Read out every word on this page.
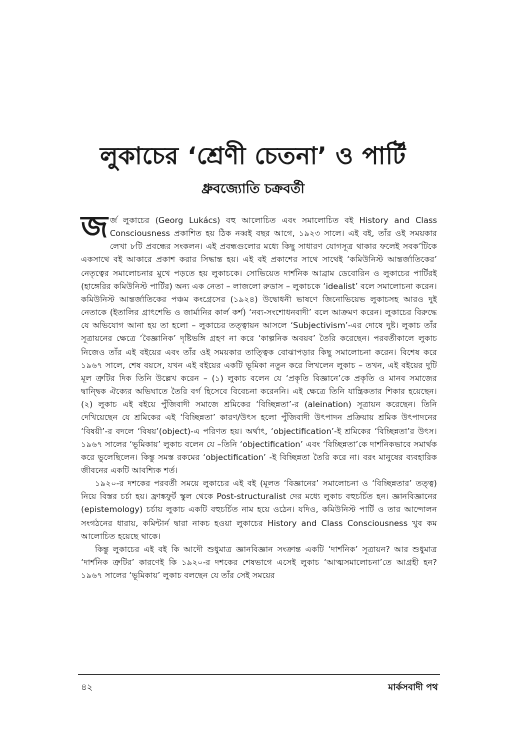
লুকাচের ‘শ্রেণী চেতনা’ ও পার্টি
ধ্রুবজ্যোতি চক্রবর্তী

জ র্জ লুকাচের (Georg Lukács) বহু আলোচিত এবং সমালোচিত বই History and Class Consciousness প্রকাশিত হয় ঠিক নব্বই বছর আগে, ১৯২৩ সালে। এই বই, তাঁর ওই সময়কার লেখা ৮টি প্রবন্ধের সংকলন। এই প্রবন্ধগুলোর মধ্যে কিছু সাধারণ যোগসূত্র থাকার ফলেই সবক’টিকে একসাথে বই আকারে প্রকাশ করার সিদ্ধান্ত হয়। এই বই প্রকাশের সাথে সাথেই ‘কমিউনিস্ট আন্তর্জাতিকের’ নেতৃত্বের সমালোচনার মুখে পড়তে হয় লুকাচকে। সোভিয়েত দার্শনিক আব্রাম ডেবোরিন ও লুকাচের পার্টিরই (হাঙ্গেরির কমিউনিস্ট পার্টির) অন্য এক নেতা – লাজলো রুডাস – লুকাচকে ‘idealist’ বলে সমালোচনা করেন। কমিউনিস্ট আন্তর্জাতিকের পঞ্চম কংগ্রেসের (১৯২৪) উদ্বোধনী ভাষণে জিনোভিয়েভ লুকাচসহ আরও দুই নেতাকে (ইতালির গ্রাৎশেভি ও জার্মানির কার্ল কর্শ) ‘নব্য-সংশোধনবাদী’ বলে আক্রমণ করেন। লুকাচের বিরুদ্ধে যে অভিযোগ আনা হয় তা হলো – লুকাচের তত্ত্বায়ন আসলে ‘Subjectivism’-এর দোষে দুষ্ট। লুকাচ তাঁর সূত্রায়নের ক্ষেত্রে ‘বৈজ্ঞানিক’ দৃষ্টিভঙ্গি গ্রহণ না করে ‘কাল্পনিক অবয়ব’ তৈরি করেছেন। পরবর্তীকালে লুকাচ নিজেও তাঁর এই বইয়ের এবং তাঁর ওই সময়কার তাত্ত্বিক বোঝাপড়ার কিছু সমালোচনা করেন। বিশেষ করে ১৯৬৭ সালে, শেষ বয়সে, যখন এই বইয়ের একটি ভূমিকা নতুন করে লিখলেন লুকাচ – তখন, এই বইয়ের দুটি মূল ত্রুটির দিক তিনি উল্লেখ করেন – (১) লুকাচ বলেন যে ‘প্রকৃতি বিজ্ঞানে’কে প্রকৃতি ও মানব সমাজের দ্বান্দ্বিক ঐক্যের অভিঘাতে তৈরি বর্গ হিসেবে বিবেচনা করেননি। এই ক্ষেত্রে তিনি যান্ত্রিকতার শিকার হয়েছেন। (২) লুকাচ এই বইয়ে পুঁজিবাদী সমাজে শ্রমিকের ‘বিচ্ছিন্নতা’-র (aleination) সূত্রায়ন করেছেন। তিনি দেখিয়েছেন যে শ্রমিকের এই ‘বিচ্ছিন্নতা’ কারণ/উৎস হলো পুঁজিবাদী উৎপাদন প্রক্রিয়ায় শ্রমিক উৎপাদনের ‘বিষয়ী’-র বদলে ‘বিষয়’(object)-এ পরিণত হয়। অর্থাৎ, ‘objectification’-ই শ্রমিকের ‘বিচ্ছিন্নতা’র উৎস। ১৯৬৭ সালের ‘ভূমিকায়’ লুকাচ বলেন যে –তিনি ‘objectification’ এবং ‘বিচ্ছিন্নতা’কে দার্শনিকভাবে সমার্থক করে ভুলেছিলেন। কিন্তু সমস্ত রকমের ‘objectification’ -ই বিচ্ছিন্নতা তৈরি করে না। বরং মানুষের ব্যবহারিক জীবনের একটি আবশ্যিক শর্ত।

১৯২০-র দশকের পরবর্তী সময়ে লুকাচের এই বই (মূলত ‘বিজ্ঞানের’ সমালোচনা ও ‘বিচ্ছিন্নতার’ তত্ত্ব) নিয়ে বিস্তর চর্চা হয়। ফ্রাঙ্কফুর্ট স্কুল থেকে Post-structuralist দের মধ্যে লুকাচ বহুচর্চিত হন। জ্ঞানবিজ্ঞানের (epistemology) চর্চায় লুকাচ একটি বহুচর্চিত নাম হয়ে ওঠেন। যদিও, কমিউনিস্ট পার্টি ও তার আন্দোলন সংগঠনের ধারায়, কমিন্টার্ন দ্বারা নাকচ হওয়া লুকাচের History and Class Consciousness খুব কম আলোচিত হয়েছে থাকে।

কিন্তু লুকাচের এই বই কি আদৌ শুধুমাত্র জ্ঞানবিজ্ঞান সংক্রান্ত একটি ‘দার্শনিক’ সূত্রায়ন? আর শুধুমাত্র ‘দার্শনিক ত্রুটির’ কারণেই কি ১৯২০-র দশকের শেষভাগে এসেই লুকাচ ‘আত্মসমালোচনা’তে আগ্রহী হন? ১৯৬৭ সালের ‘ভূমিকায়’ লুকাচ বলছেন যে তাঁর সেই সময়ের

৪২	মার্কসবাদী পথ
